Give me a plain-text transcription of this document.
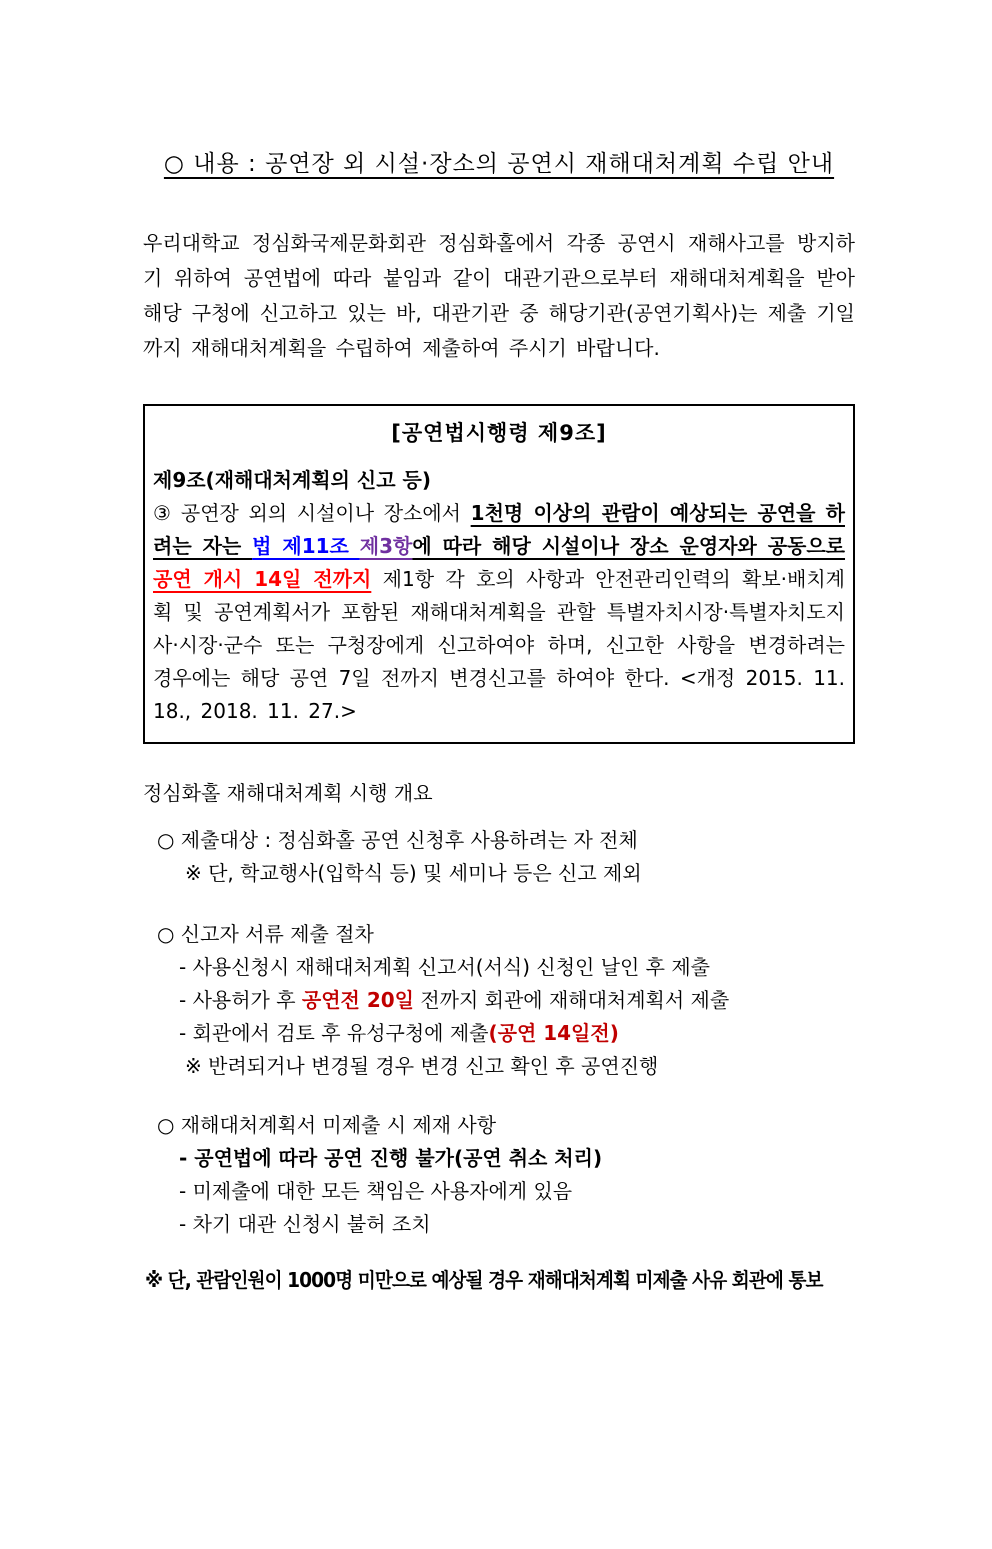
○ 내용 : 공연장 외 시설·장소의 공연시 재해대처계획 수립 안내

우리대학교 정심화국제문화회관 정심화홀에서 각종 공연시 재해사고를 방지하기 위하여 공연법에 따라 붙임과 같이 대관기관으로부터 재해대처계획을 받아 해당 구청에 신고하고 있는 바, 대관기관 중 해당기관(공연기획사)는 제출 기일까지 재해대처계획을 수립하여 제출하여 주시기 바랍니다.

[공연법시행령 제9조]
제9조(재해대처계획의 신고 등)

③ 공연장 외의 시설이나 장소에서 1천명 이상의 관람이 예상되는 공연을 하려는 자는 법 제11조 제3항에 따라 해당 시설이나 장소 운영자와 공동으로 공연 개시 14일 전까지 제1항 각 호의 사항과 안전관리인력의 확보·배치계획 및 공연계획서가 포함된 재해대처계획을 관할 특별자치시장·특별자치도지사·시장·군수 또는 구청장에게 신고하여야 하며, 신고한 사항을 변경하려는 경우에는 해당 공연 7일 전까지 변경신고를 하여야 한다. <개정 2015. 11. 18., 2018. 11. 27.>

정심화홀 재해대처계획 시행 개요
○ 제출대상 : 정심화홀 공연 신청후 사용하려는 자 전체
※ 단, 학교행사(입학식 등) 및 세미나 등은 신고 제외
○ 신고자 서류 제출 절차
- 사용신청시 재해대처계획 신고서(서식) 신청인 날인 후 제출
- 사용허가 후 공연전 20일 전까지 회관에 재해대처계획서 제출
- 회관에서 검토 후 유성구청에 제출(공연 14일전)
※ 반려되거나 변경될 경우 변경 신고 확인 후 공연진행
○ 재해대처계획서 미제출 시 제재 사항
- 공연법에 따라 공연 진행 불가(공연 취소 처리)
- 미제출에 대한 모든 책임은 사용자에게 있음
- 차기 대관 신청시 불허 조치
※ 단, 관람인원이 1000명 미만으로 예상될 경우 재해대처계획 미제출 사유 회관에 통보
